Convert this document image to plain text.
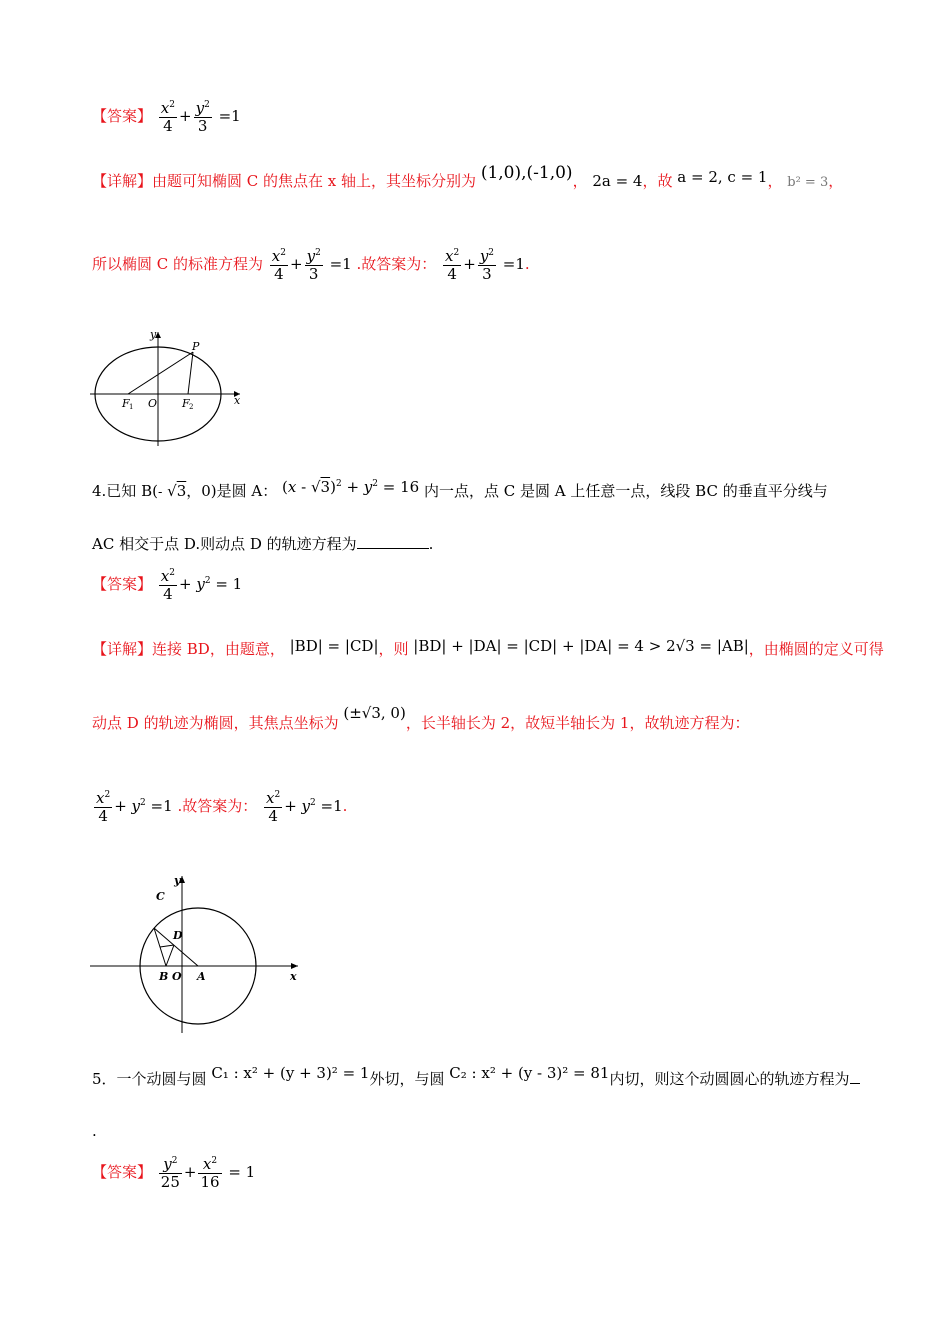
【答案】 $\frac{x^2}{4} + \frac{y^2}{3} =1$
【详解】由题可知椭圆 C 的焦点在 x 轴上，其坐标分别为 (1,0),(-1,0)， 2a = 4，故 a = 2, c = 1， b² = 3，
所以椭圆 C 的标准方程为 $\frac{x^2}{4} + \frac{y^2}{3} =1$ .故答案为： $\frac{x^2}{4} + \frac{y^2}{3} =1$.
y
x
P
F 1 O F 2
4.已知 B(- √3，0)是圆 A： $(x - √3)^2 + y^2 = 16$ 内一点，点 C 是圆 A 上任意一点，线段 BC 的垂直平分线与
AC 相交于点 D.则动点 D 的轨迹方程为	.
【答案】 $\frac{x^2}{4} + y^2 = 1$
【详解】连接 BD，由题意， |BD| = |CD|，则 |BD| + |DA| = |CD| + |DA| = 4 > 2√3 = |AB|，由椭圆的定义可得
动点 D 的轨迹为椭圆，其焦点坐标为 (±√3, 0)，长半轴长为 2，故短半轴长为 1，故轨迹方程为：
$\frac{x^2}{4} + y^2 =1$ .故答案为： $\frac{x^2}{4} + y^2 =1$.
y
x
C
D
B O A
5．一个动圆与圆 C₁ : x² + (y + 3)² = 1外切，与圆 C₂ : x² + (y - 3)² = 81内切，则这个动圆圆心的轨迹方程为
.
【答案】 $\frac{y^2}{25} + \frac{x^2}{16} = 1$
